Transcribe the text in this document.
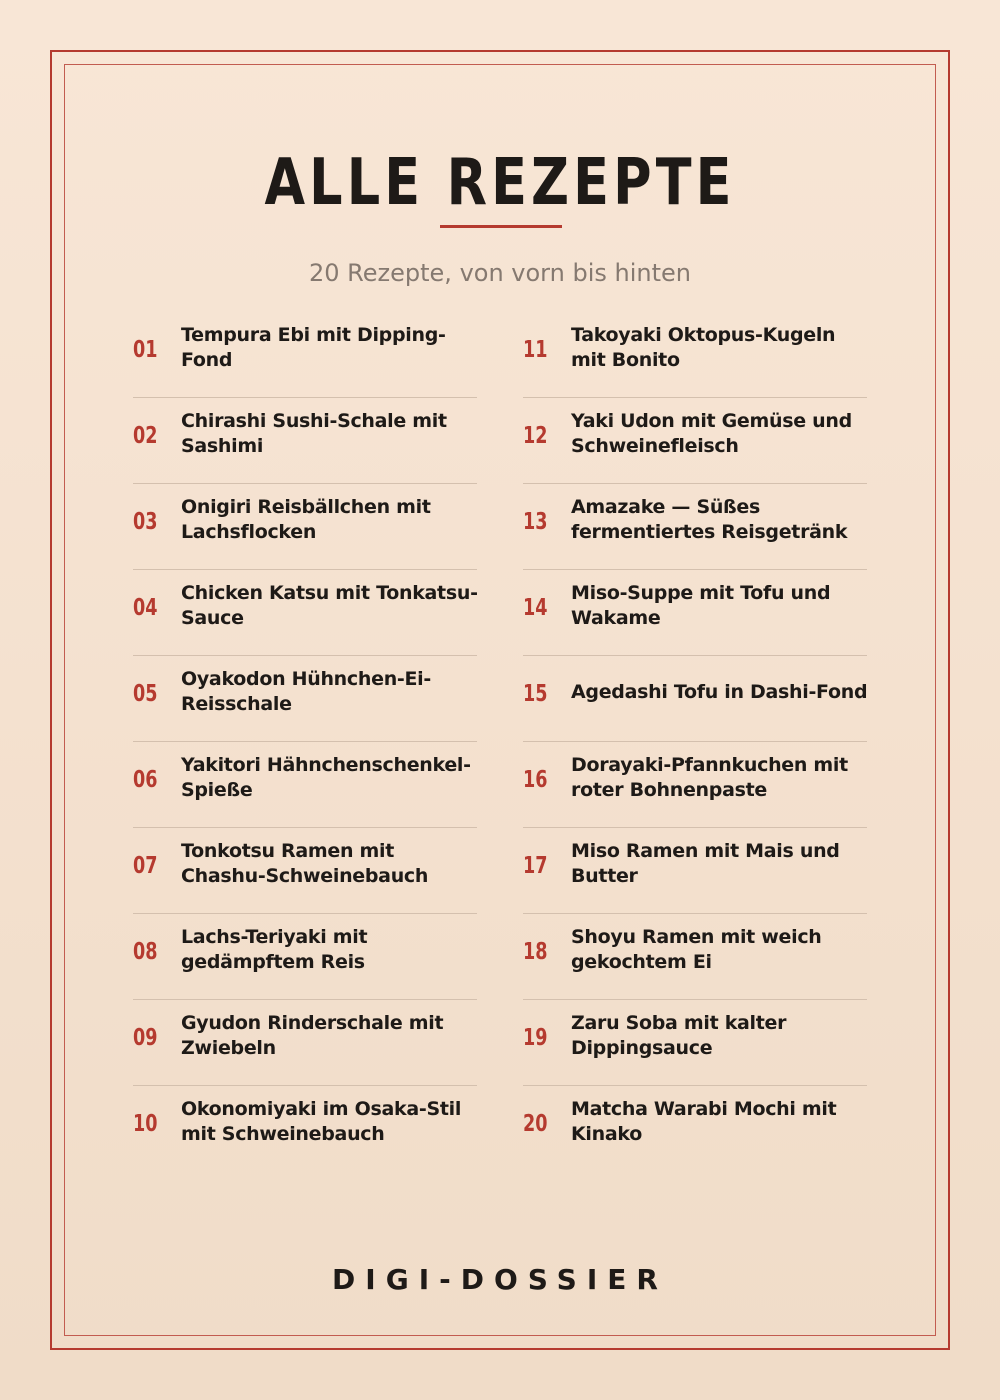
ALLE REZEPTE
20 Rezepte, von vorn bis hinten
01
Tempura Ebi mit Dipping-Fond
02
Chirashi Sushi-Schale mit Sashimi
03
Onigiri Reisbällchen mit Lachsflocken
04
Chicken Katsu mit Tonkatsu-Sauce
05
Oyakodon Hühnchen-Ei-Reisschale
06
Yakitori Hähnchenschenkel-Spieße
07
Tonkotsu Ramen mit Chashu-Schweinebauch
08
Lachs-Teriyaki mit gedämpftem Reis
09
Gyudon Rinderschale mit Zwiebeln
10
Okonomiyaki im Osaka-Stil mit Schweinebauch
11
Takoyaki Oktopus-Kugeln mit Bonito
12
Yaki Udon mit Gemüse und Schweinefleisch
13
Amazake — Süßes fermentiertes Reisgetränk
14
Miso-Suppe mit Tofu und Wakame
15	Agedashi Tofu in Dashi-Fond
16
Dorayaki-Pfannkuchen mit roter Bohnenpaste
17
Miso Ramen mit Mais und Butter
18
Shoyu Ramen mit weich gekochtem Ei
19
Zaru Soba mit kalter Dippingsauce
20
Matcha Warabi Mochi mit Kinako
DIGI-DOSSIER
